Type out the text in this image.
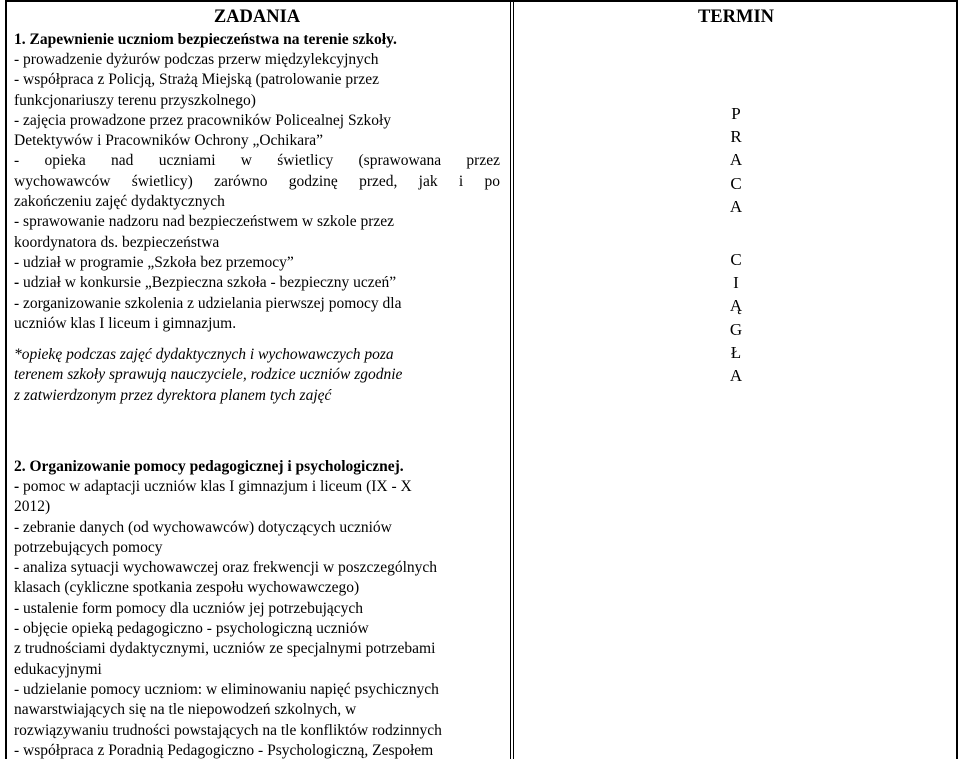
ZADANIA
1. Zapewnienie uczniom bezpieczeństwa na terenie szkoły.

- prowadzenie dyżurów podczas przerw międzylekcyjnych

- współpraca z Policją, Strażą Miejską (patrolowanie przez

funkcjonariuszy terenu przyszkolnego)

- zajęcia prowadzone przez pracowników Policealnej Szkoły

Detektywów i Pracowników Ochrony „Ochikara”

- opieka nad uczniami w świetlicy (sprawowana przez

wychowawców świetlicy) zarówno godzinę przed, jak i po

zakończeniu zajęć dydaktycznych

- sprawowanie nadzoru nad bezpieczeństwem w szkole przez

koordynatora ds. bezpieczeństwa

- udział w programie „Szkoła bez przemocy”

- udział w konkursie „Bezpieczna szkoła - bezpieczny uczeń”

- zorganizowanie szkolenia z udzielania pierwszej pomocy dla

uczniów klas I liceum i gimnazjum.

*opiekę podczas zajęć dydaktycznych i wychowawczych poza

terenem szkoły sprawują nauczyciele, rodzice uczniów zgodnie

z zatwierdzonym przez dyrektora planem tych zajęć

TERMIN
P
R
A
C
A
C
I
Ą
G
Ł
A
2. Organizowanie pomocy pedagogicznej i psychologicznej.

- pomoc w adaptacji uczniów klas I gimnazjum i liceum (IX - X

2012)

- zebranie danych (od wychowawców) dotyczących uczniów

potrzebujących pomocy

- analiza sytuacji wychowawczej oraz frekwencji w poszczególnych

klasach (cykliczne spotkania zespołu wychowawczego)

- ustalenie form pomocy dla uczniów jej potrzebujących

- objęcie opieką pedagogiczno - psychologiczną uczniów

z trudnościami dydaktycznymi, uczniów ze specjalnymi potrzebami

edukacyjnymi

- udzielanie pomocy uczniom: w eliminowaniu napięć psychicznych

nawarstwiających się na tle niepowodzeń szkolnych, w

rozwiązywaniu trudności powstających na tle konfliktów rodzinnych

- współpraca z Poradnią Pedagogiczno - Psychologiczną, Zespołem
